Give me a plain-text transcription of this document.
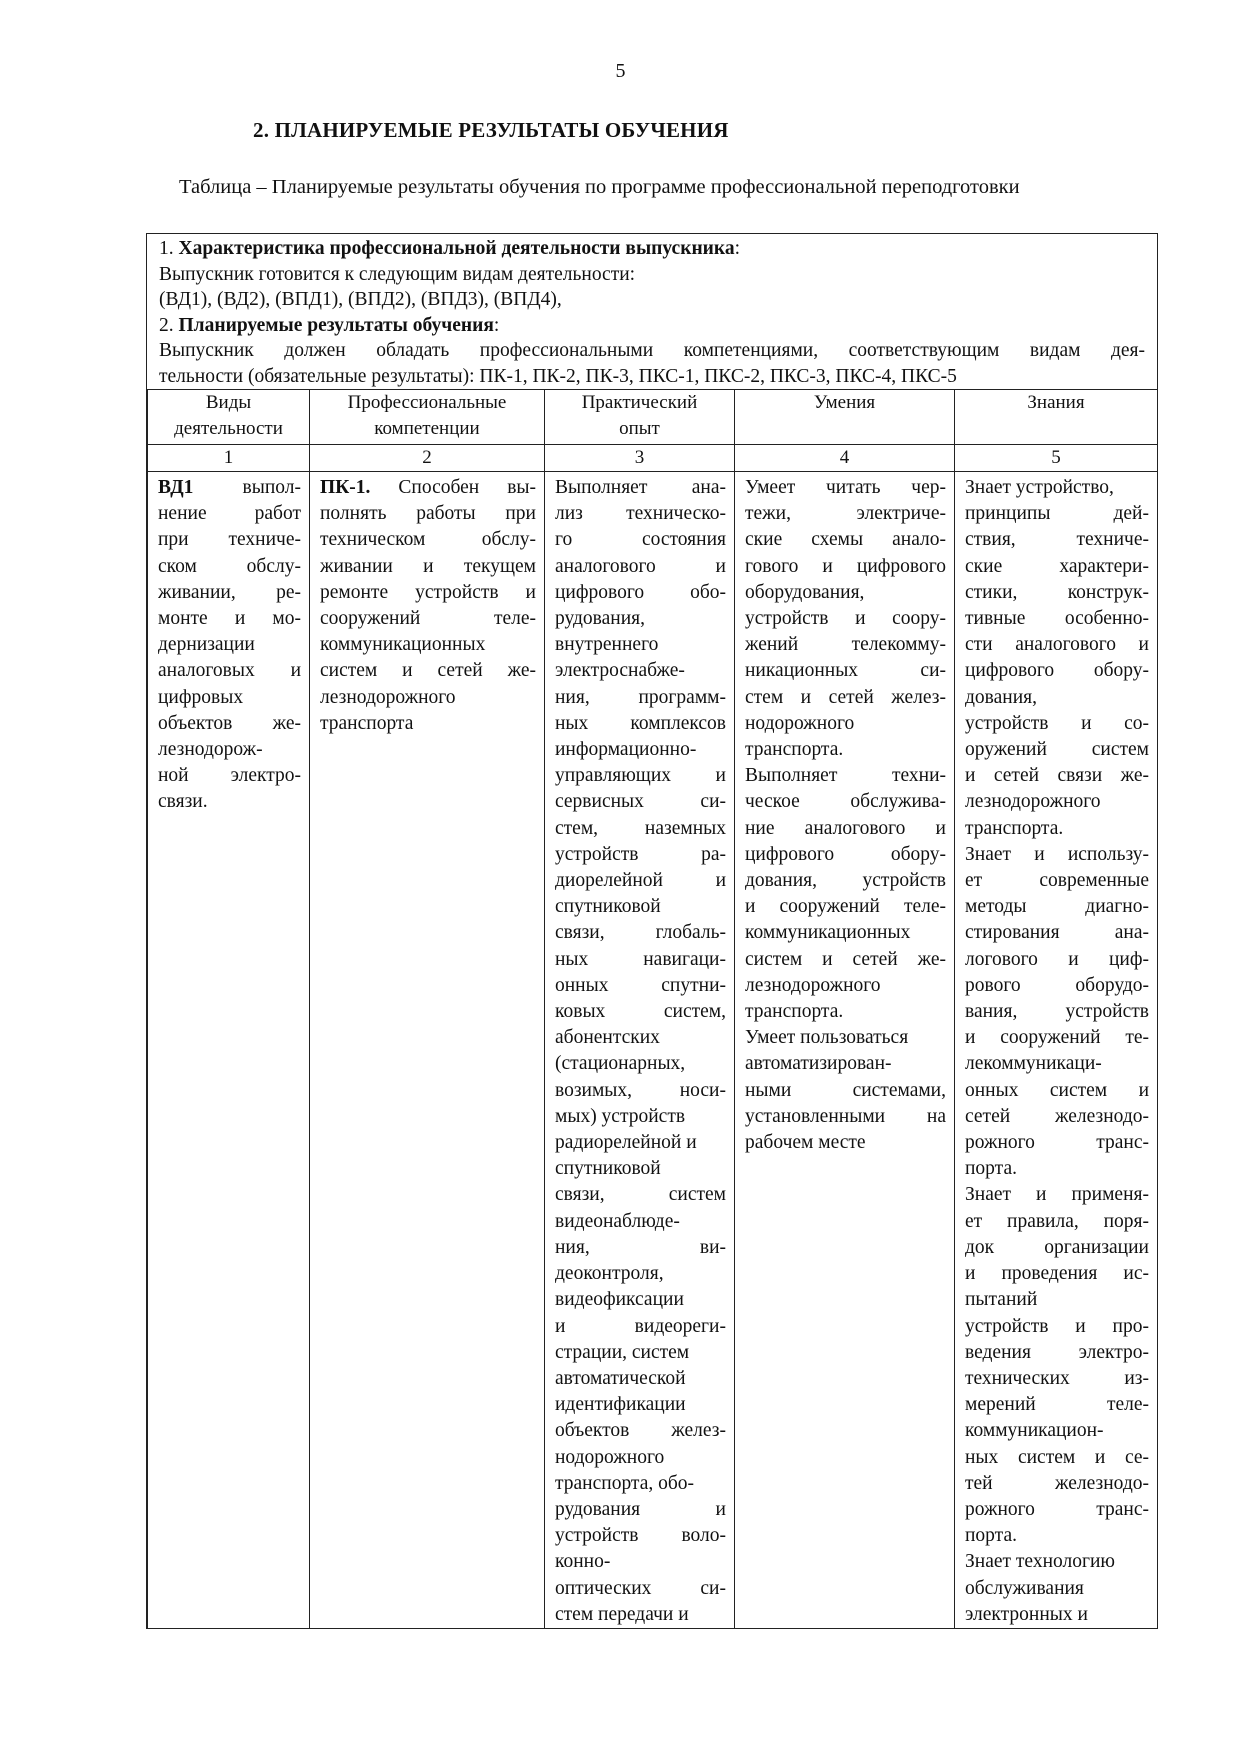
5
2. ПЛАНИРУЕМЫЕ РЕЗУЛЬТАТЫ ОБУЧЕНИЯ
Таблица – Планируемые результаты обучения по программе профессиональной переподготовки
1. Характеристика профессиональной деятельности выпускника:
Выпускник готовится к следующим видам деятельности:
(ВД1), (ВД2), (ВПД1), (ВПД2), (ВПД3), (ВПД4),
2. Планируемые результаты обучения:
Выпускник должен обладать профессиональными компетенциями, соответствующим видам дея-
тельности (обязательные результаты): ПК-1, ПК-2, ПК-3, ПКС-1, ПКС-2, ПКС-3, ПКС-4, ПКС-5
Виды
деятельности
1
ВД1	выпол-
нение работ
при техниче-
ском обслу-
живании, ре-
монте и мо-
дернизации
аналоговых и
цифровых
объектов же-
лезнодорож-
ной электро-
связи.
Профессиональные
компетенции
2
ПК-1. Способен вы-
полнять работы при
техническом обслу-
живании и текущем
ремонте устройств и
сооружений теле-
коммуникационных
систем и сетей же-
лезнодорожного
транспорта
Практический
опыт
3
Выполняет ана-
лиз техническо-
го состояния
аналогового и
цифрового обо-
рудования,
внутреннего
электроснабже-
ния, программ-
ных комплексов
информационно-
управляющих и
сервисных си-
стем, наземных
устройств ра-
диорелейной и
спутниковой
связи, глобаль-
ных навигаци-
онных спутни-
ковых систем,
абонентских
(стационарных,
возимых, носи-
мых) устройств
радиорелейной и
спутниковой
связи, систем
видеонаблюде-
ния, ви-
деоконтроля,
видеофиксации
и видеореги-
страции, систем
автоматической
идентификации
объектов желез-
нодорожного
транспорта, обо-
рудования и
устройств воло-
конно-
оптических си-
стем передачи и
Умения
4
Умеет читать чер-
тежи, электриче-
ские схемы анало-
гового и цифрового
оборудования,
устройств и соору-
жений телекомму-
никационных си-
стем и сетей желез-
нодорожного
транспорта.
Выполняет техни-
ческое обслужива-
ние аналогового и
цифрового обору-
дования, устройств
и сооружений теле-
коммуникационных
систем и сетей же-
лезнодорожного
транспорта.
Умеет пользоваться
автоматизирован-
ными системами,
установленными на
рабочем месте
Знания
5
Знает устройство,
принципы дей-
ствия, техниче-
ские характери-
стики, конструк-
тивные особенно-
сти аналогового и
цифрового обору-
дования,
устройств и со-
оружений систем
и сетей связи же-
лезнодорожного
транспорта.
Знает и использу-
ет современные
методы диагно-
стирования ана-
логового и циф-
рового оборудо-
вания, устройств
и сооружений те-
лекоммуникаци-
онных систем и
сетей железнодо-
рожного транс-
порта.
Знает и применя-
ет правила, поря-
док организации
и проведения ис-
пытаний
устройств и про-
ведения электро-
технических из-
мерений теле-
коммуникацион-
ных систем и се-
тей железнодо-
рожного транс-
порта.
Знает технологию
обслуживания
электронных и
